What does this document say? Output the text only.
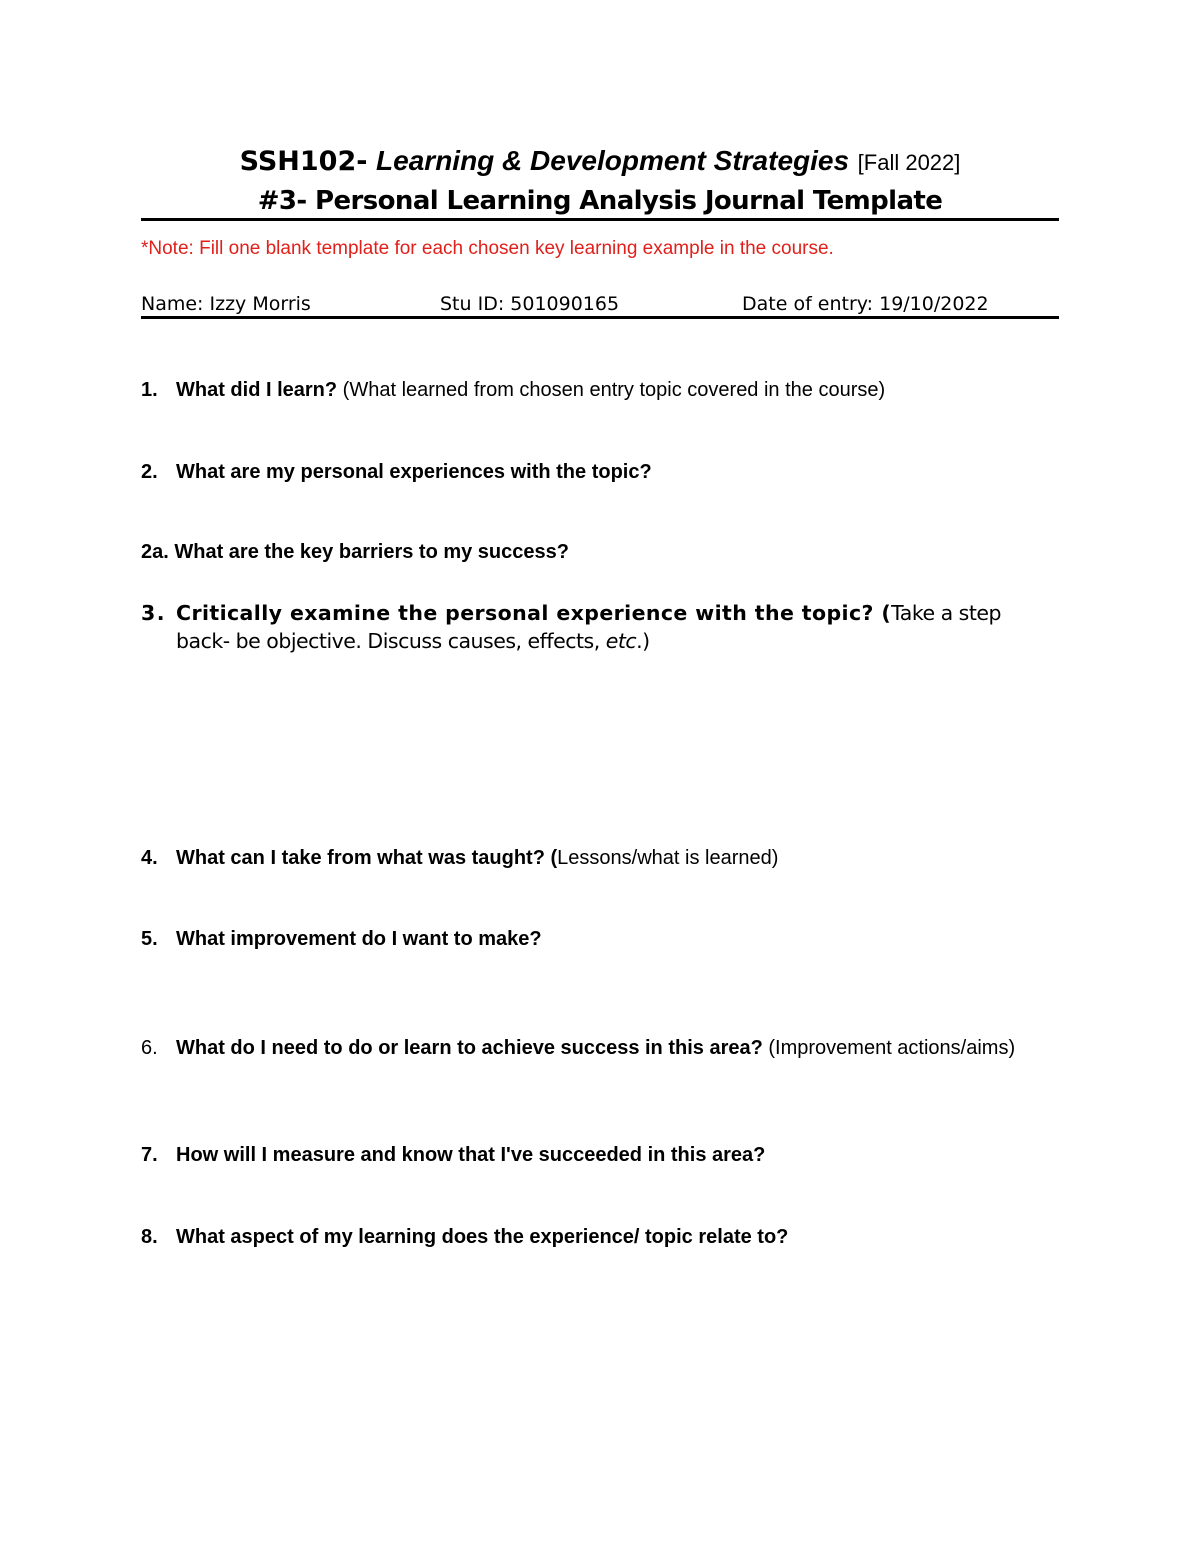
SSH102- Learning & Development Strategies [Fall 2022]
#3- Personal Learning Analysis Journal Template
*Note: Fill one blank template for each chosen key learning example in the course.
Name: Izzy Morris	Stu ID: 501090165	Date of entry: 19/10/2022
1. What did I learn? (What learned from chosen entry topic covered in the course)
2. What are my personal experiences with the topic?
2a. What are the key barriers to my success?
3. Critically examine the personal experience with the topic? (Take a step back- be objective. Discuss causes, effects, etc.)
4. What can I take from what was taught? (Lessons/what is learned)
5. What improvement do I want to make?
6. What do I need to do or learn to achieve success in this area? (Improvement actions/aims)
7. How will I measure and know that I've succeeded in this area?
8. What aspect of my learning does the experience/ topic relate to?
